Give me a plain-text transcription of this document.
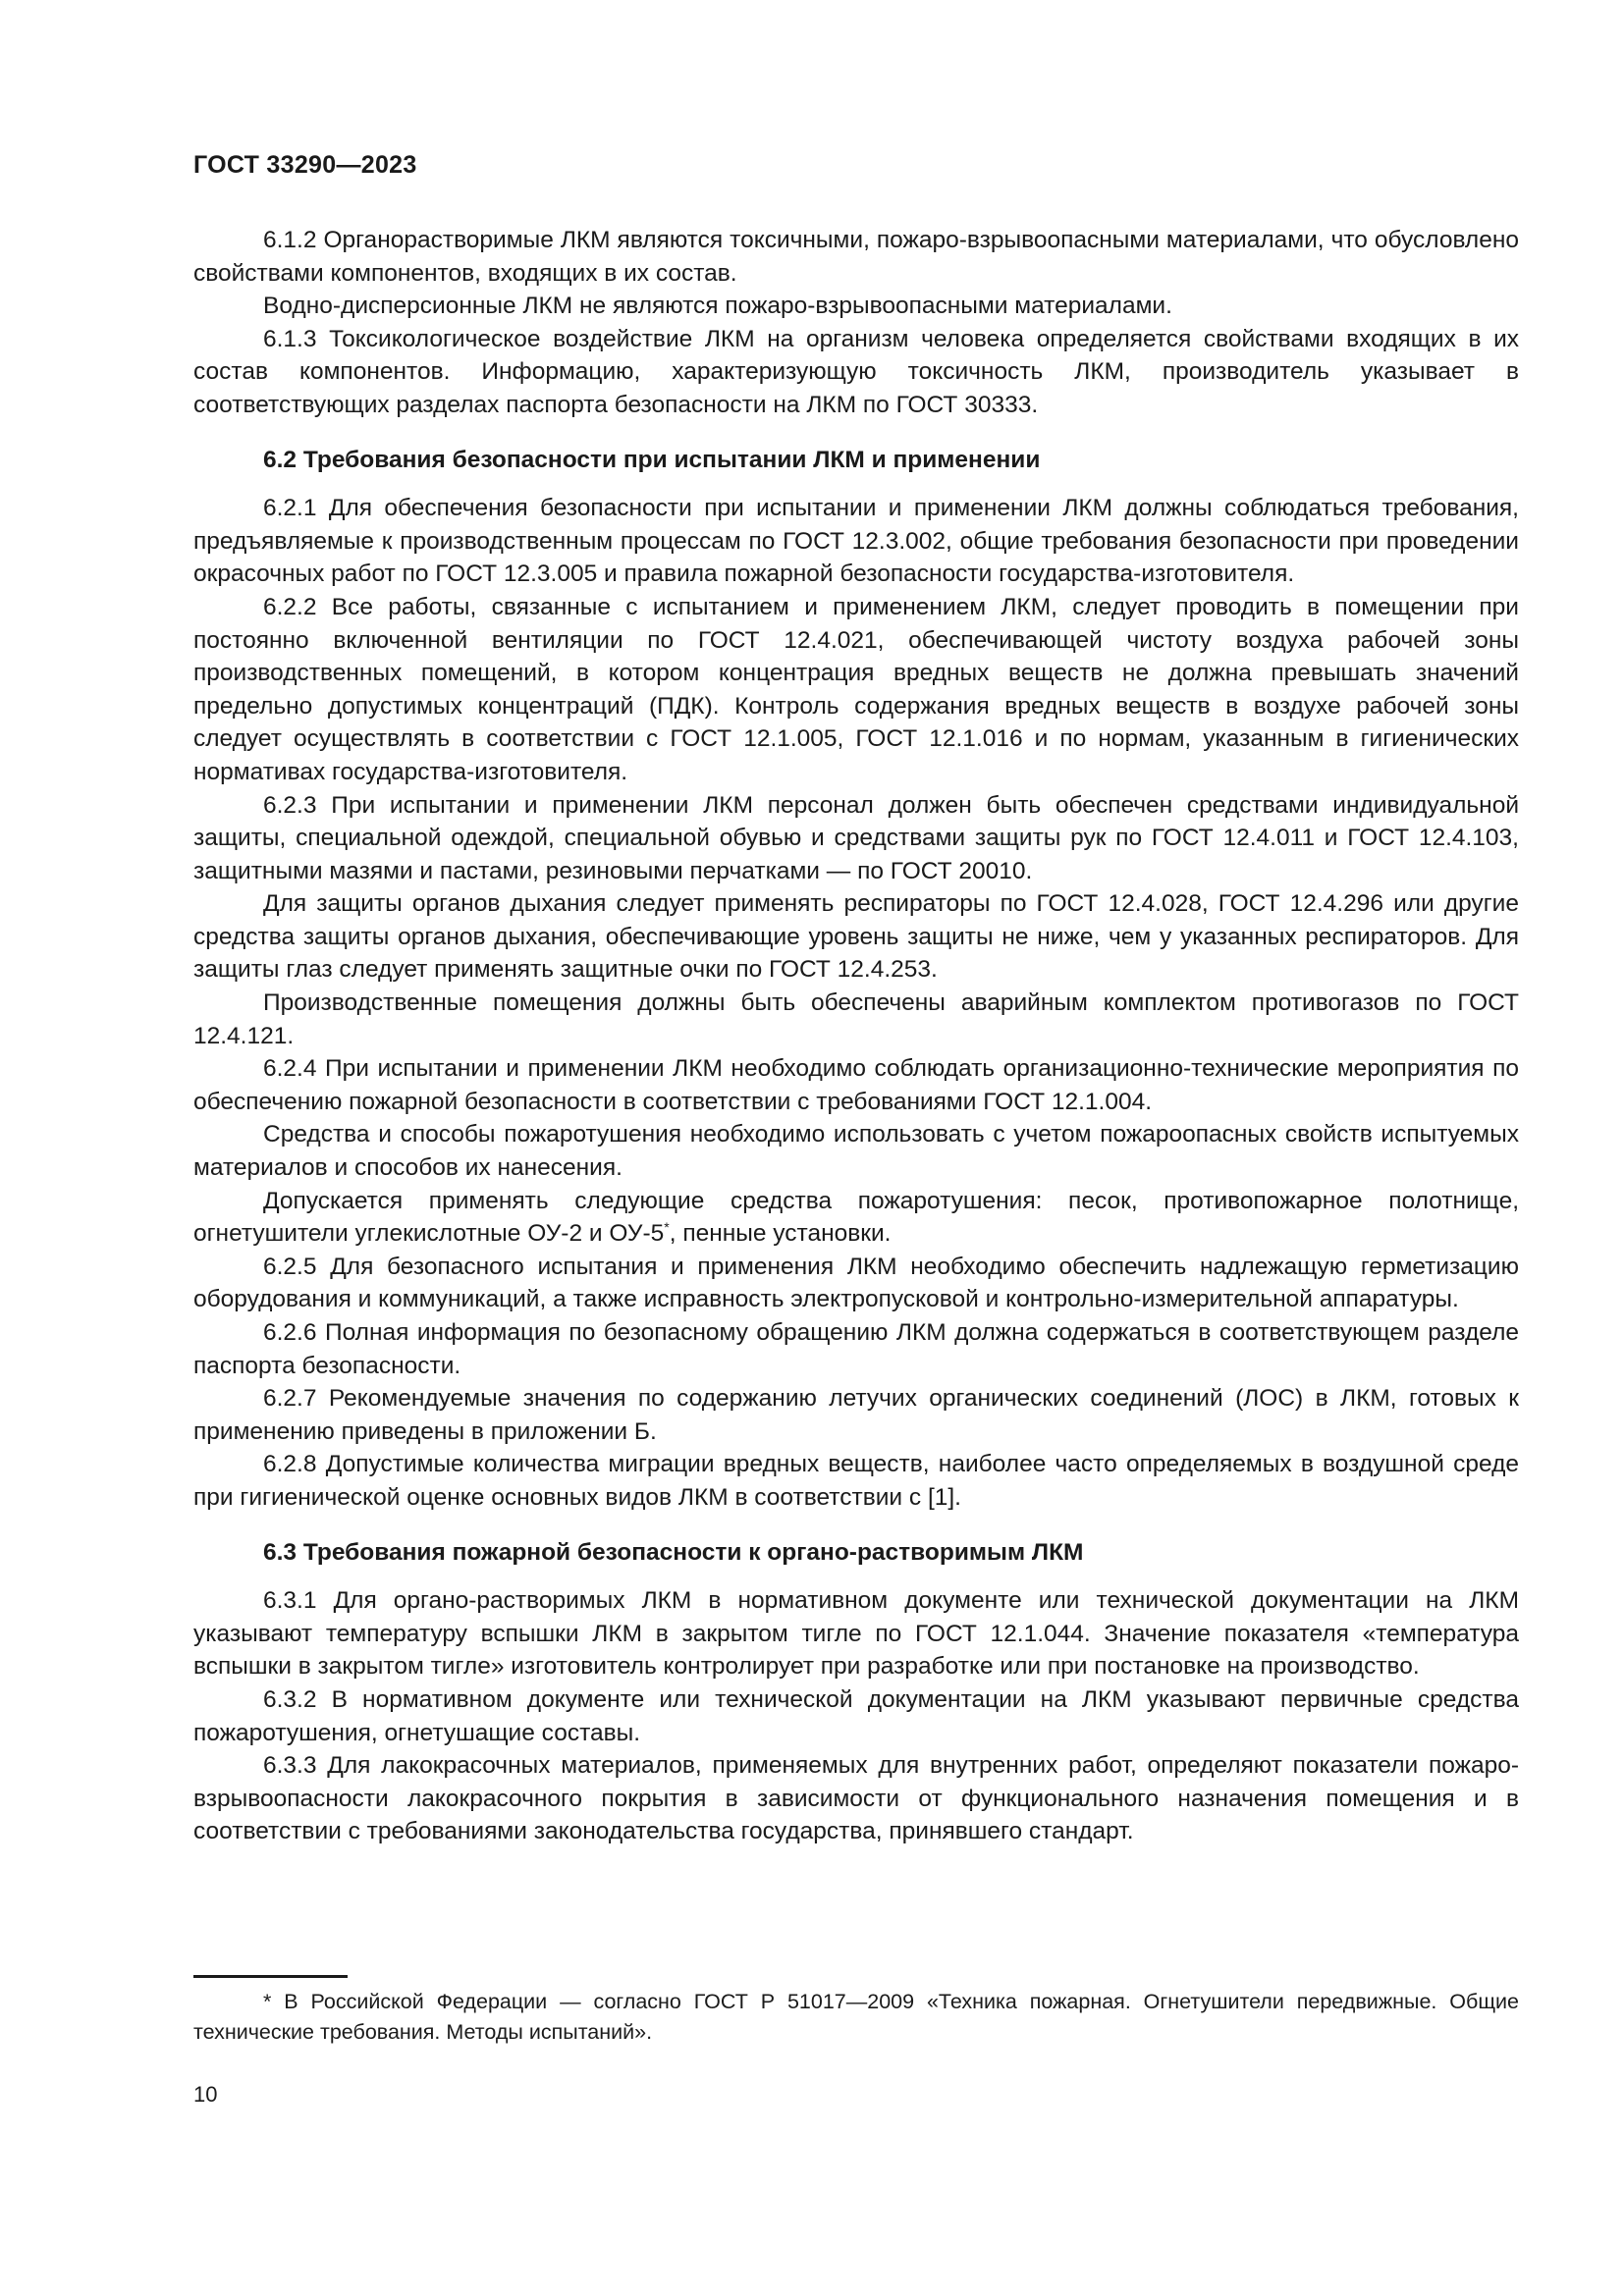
ГОСТ 33290—2023

6.1.2 Органорастворимые ЛКМ являются токсичными, пожаро-взрывоопасными материалами, что обусловлено свойствами компонентов, входящих в их состав.

Водно-дисперсионные ЛКМ не являются пожаро-взрывоопасными материалами.

6.1.3 Токсикологическое воздействие ЛКМ на организм человека определяется свойствами входящих в их состав компонентов. Информацию, характеризующую токсичность ЛКМ, производитель указывает в соответствующих разделах паспорта безопасности на ЛКМ по ГОСТ 30333.

6.2 Требования безопасности при испытании ЛКМ и применении

6.2.1 Для обеспечения безопасности при испытании и применении ЛКМ должны соблюдаться требования, предъявляемые к производственным процессам по ГОСТ 12.3.002, общие требования безопасности при проведении окрасочных работ по ГОСТ 12.3.005 и правила пожарной безопасности государства-изготовителя.

6.2.2 Все работы, связанные с испытанием и применением ЛКМ, следует проводить в помещении при постоянно включенной вентиляции по ГОСТ 12.4.021, обеспечивающей чистоту воздуха рабочей зоны производственных помещений, в котором концентрация вредных веществ не должна превышать значений предельно допустимых концентраций (ПДК). Контроль содержания вредных веществ в воздухе рабочей зоны следует осуществлять в соответствии с ГОСТ 12.1.005, ГОСТ 12.1.016 и по нормам, указанным в гигиенических нормативах государства-изготовителя.

6.2.3 При испытании и применении ЛКМ персонал должен быть обеспечен средствами индивидуальной защиты, специальной одеждой, специальной обувью и средствами защиты рук по ГОСТ 12.4.011 и ГОСТ 12.4.103, защитными мазями и пастами, резиновыми перчатками — по ГОСТ 20010.

Для защиты органов дыхания следует применять респираторы по ГОСТ 12.4.028, ГОСТ 12.4.296 или другие средства защиты органов дыхания, обеспечивающие уровень защиты не ниже, чем у указанных респираторов. Для защиты глаз следует применять защитные очки по ГОСТ 12.4.253.

Производственные помещения должны быть обеспечены аварийным комплектом противогазов по ГОСТ 12.4.121.

6.2.4 При испытании и применении ЛКМ необходимо соблюдать организационно-технические мероприятия по обеспечению пожарной безопасности в соответствии с требованиями ГОСТ 12.1.004.

Средства и способы пожаротушения необходимо использовать с учетом пожароопасных свойств испытуемых материалов и способов их нанесения.

Допускается применять следующие средства пожаротушения: песок, противопожарное полотнище, огнетушители углекислотные ОУ-2 и ОУ-5*, пенные установки.

6.2.5 Для безопасного испытания и применения ЛКМ необходимо обеспечить надлежащую герметизацию оборудования и коммуникаций, а также исправность электропусковой и контрольно-измерительной аппаратуры.

6.2.6 Полная информация по безопасному обращению ЛКМ должна содержаться в соответствующем разделе паспорта безопасности.

6.2.7 Рекомендуемые значения по содержанию летучих органических соединений (ЛОС) в ЛКМ, готовых к применению приведены в приложении Б.

6.2.8 Допустимые количества миграции вредных веществ, наиболее часто определяемых в воздушной среде при гигиенической оценке основных видов ЛКМ в соответствии с [1].

6.3 Требования пожарной безопасности к органо-растворимым ЛКМ

6.3.1 Для органо-растворимых ЛКМ в нормативном документе или технической документации на ЛКМ указывают температуру вспышки ЛКМ в закрытом тигле по ГОСТ 12.1.044. Значение показателя «температура вспышки в закрытом тигле» изготовитель контролирует при разработке или при постановке на производство.

6.3.2 В нормативном документе или технической документации на ЛКМ указывают первичные средства пожаротушения, огнетушащие составы.

6.3.3 Для лакокрасочных материалов, применяемых для внутренних работ, определяют показатели пожаро-взрывоопасности лакокрасочного покрытия в зависимости от функционального назначения помещения и в соответствии с требованиями законодательства государства, принявшего стандарт.

* В Российской Федерации — согласно ГОСТ Р 51017—2009 «Техника пожарная. Огнетушители передвижные. Общие технические требования. Методы испытаний».

10
